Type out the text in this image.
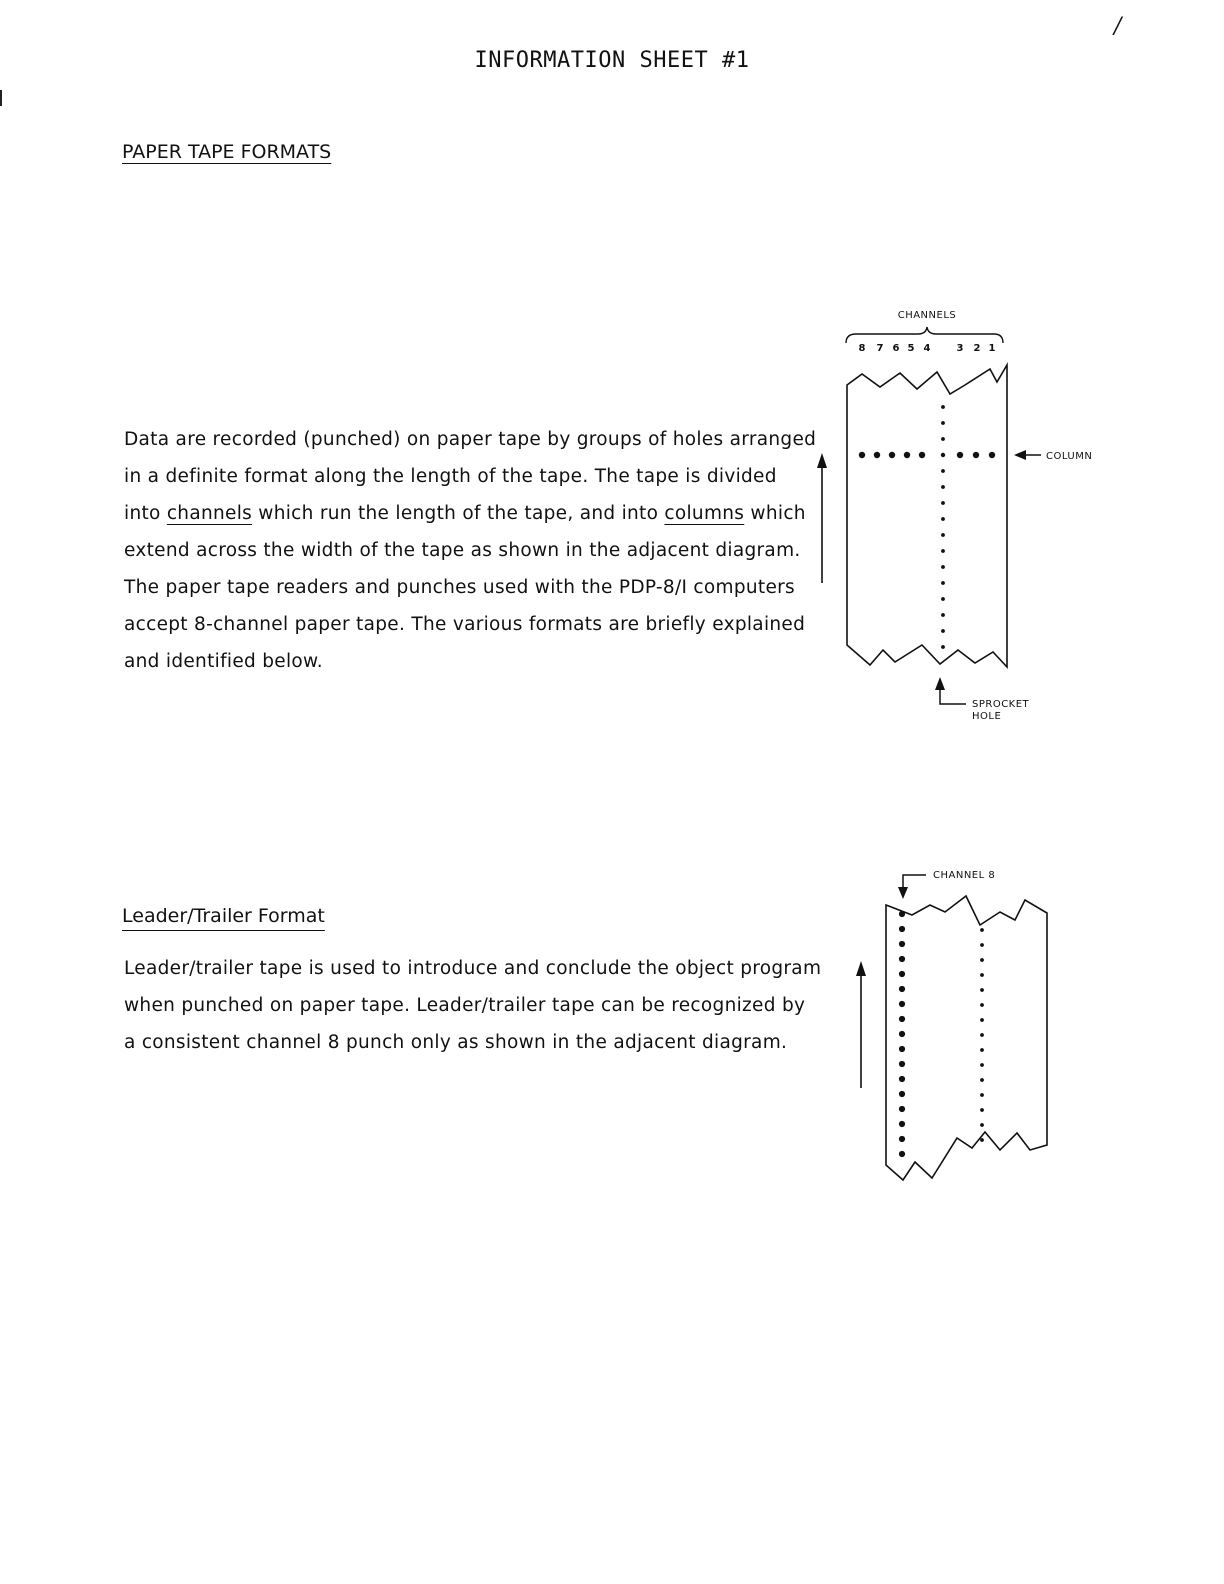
/
INFORMATION SHEET #1
PAPER TAPE FORMATS
Data are recorded (punched) on paper tape by groups of holes arranged
in a definite format along the length of the tape. The tape is divided
into channels which run the length of the tape, and into columns which
extend across the width of the tape as shown in the adjacent diagram.
The paper tape readers and punches used with the PDP-8/I computers
accept 8-channel paper tape. The various formats are briefly explained
and identified below.
CHANNELS
8 7 6 5 4	3 2 1
COLUMN
SPROCKET
HOLE
CHANNEL 8
Leader/Trailer Format
Leader/trailer tape is used to introduce and conclude the object program
when punched on paper tape. Leader/trailer tape can be recognized by
a consistent channel 8 punch only as shown in the adjacent diagram.
